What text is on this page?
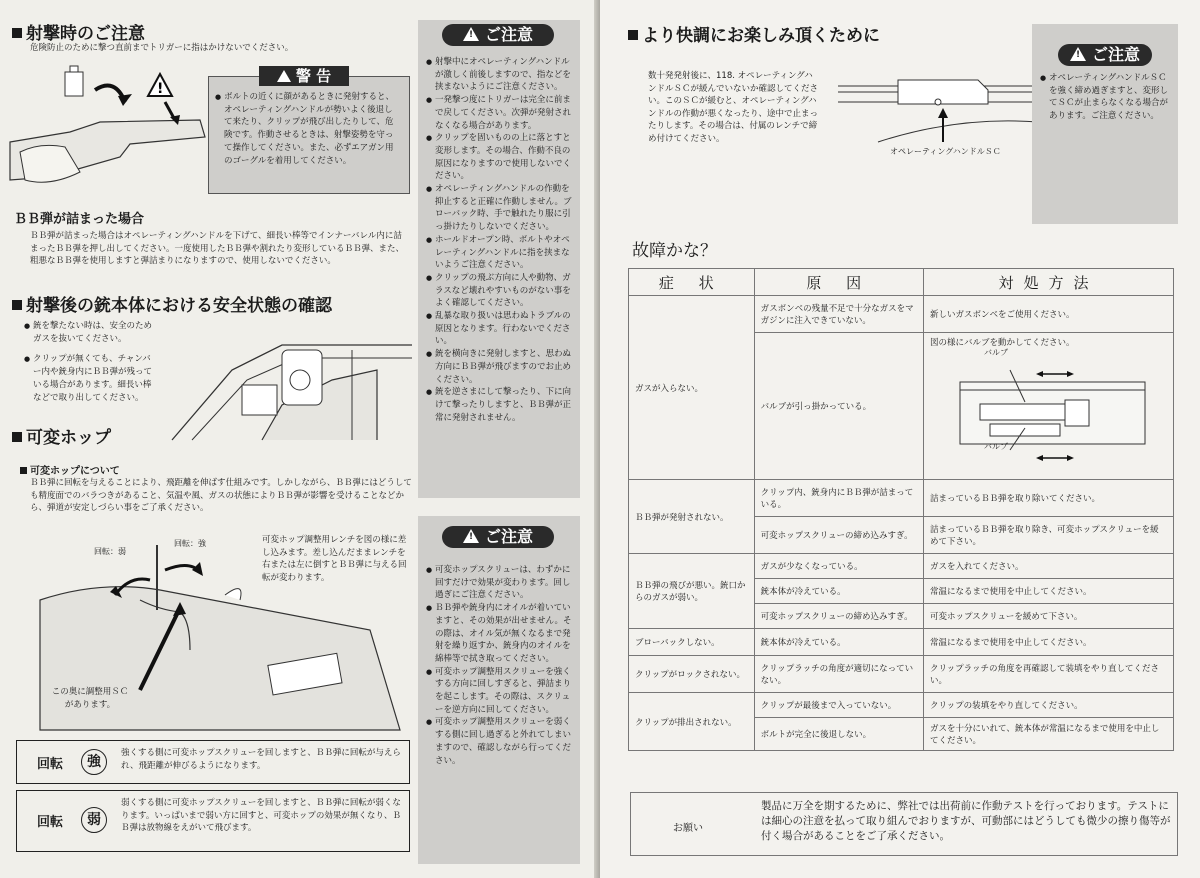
射撃時のご注意
危険防止のために撃つ直前までトリガーに指はかけないでください。
!
警 告
● ボルトの近くに顔があるときに発射すると、オペレーティングハンドルが勢いよく後退して来たり、クリップが飛び出したりして、危険です。作動させるときは、射撃姿勢を守って操作してください。また、必ずエアガン用のゴーグルを着用してください。
ＢＢ弾が詰まった場合
ＢＢ弾が詰まった場合はオペレーティングハンドルを下げて、細長い棒等でインナーバレル内に詰まったＢＢ弾を押し出してください。一度使用したＢＢ弾や割れたり変形しているＢＢ弾、また、粗悪なＢＢ弾を使用しますと弾詰まりになりますので、使用しないでください。
射撃後の銃本体における安全状態の確認
● 銃を撃たない時は、安全のためガスを抜いてください。
● クリップが無くても、チャンバー内や銃身内にＢＢ弾が残っている場合があります。細長い棒などで取り出してください。
可変ホップ
可変ホップについて
ＢＢ弾に回転を与えることにより、飛距離を伸ばす仕組みです。しかしながら、ＢＢ弾にはどうしても精度面でのバラつきがあること、気温や風、ガスの状態によりＢＢ弾が影響を受けることなどから、弾道が安定しづらい事をご了承ください。
回転：弱
回転：強	可変ホップ調整用レンチを図の様に差し込みます。差し込んだままレンチを右または左に倒すとＢＢ弾に与える回転が変わります。
この奥に調整用ＳＣがあります。
回転	強
強くする側に可変ホップスクリューを回しますと、ＢＢ弾に回転が与えられ、飛距離が伸びるようになります。
回転	弱
弱くする側に可変ホップスクリューを回しますと、ＢＢ弾に回転が弱くなります。いっぱいまで弱い方に回すと、可変ホップの効果が無くなり、ＢＢ弾は放物線をえがいて飛びます。
!ご注意
● 射撃中にオペレーティングハンドルが激しく前後しますので、指などを挟まないようにご注意ください。
● 一発撃つ度にトリガーは完全に前まで戻してください。次弾が発射されなくなる場合があります。
● クリップを固いものの上に落とすと変形します。その場合、作動不良の原因になりますので使用しないでください。
● オペレーティングハンドルの作動を抑止すると正確に作動しません。ブローバック時、手で触れたり服に引っ掛けたりしないでください。
● ホールドオープン時、ボルトやオペレーティングハンドルに指を挟まないようご注意ください。
● クリップの飛ぶ方向に人や動物、ガラスなど壊れやすいものがない事をよく確認してください。
● 乱暴な取り扱いは思わぬトラブルの原因となります。行わないでください。
● 銃を横向きに発射しますと、思わぬ方向にＢＢ弾が飛びますのでお止めください。
● 銃を逆さまにして撃ったり、下に向けて撃ったりしますと、ＢＢ弾が正常に発射されません。
!ご注意
● 可変ホップスクリューは、わずかに回すだけで効果が変わります。回し過ぎにご注意ください。
● ＢＢ弾や銃身内にオイルが着いていますと、その効果が出せません。その際は、オイル気が無くなるまで発射を繰り返すか、銃身内のオイルを綿棒等で拭き取ってください。
● 可変ホップ調整用スクリューを強くする方向に回しすぎると、弾詰まりを起こします。その際は、スクリューを逆方向に回してください。
● 可変ホップ調整用スクリューを弱くする側に回し過ぎると外れてしまいますので、確認しながら行ってください。
より快調にお楽しみ頂くために
数十発発射後に、118. オペレーティングハンドルＳＣが緩んでいないか確認してください。このＳＣが緩むと、オペレーティングハンドルの作動が悪くなったり、途中で止まったりします。その場合は、付属のレンチで締め付けてください。
オペレーティングハンドルＳＣ
!ご注意
● オペレーティングハンドルＳＣを強く締め過ぎますと、変形してＳＣが止まらなくなる場合があります。ご注意ください。
故障かな？
症 状	原 因	対処方法
ガスが入らない。	ガスボンベの残量不足で十分なガスをマガジンに注入できていない。	新しいガスボンベをご使用ください。
	バルブが引っ掛かっている。	図の様にバルブを動かしてください。
バルブ
バルブ

ＢＢ弾が発射されない。	クリップ内、銃身内にＢＢ弾が詰まっている。	詰まっているＢＢ弾を取り除いてください。
	可変ホップスクリューの締め込みすぎ。	詰まっているＢＢ弾を取り除き、可変ホップスクリューを緩めて下さい。
ＢＢ弾の飛びが悪い。銃口からのガスが弱い。	ガスが少なくなっている。	ガスを入れてください。
	銃本体が冷えている。	常温になるまで使用を中止してください。
	可変ホップスクリューの締め込みすぎ。	可変ホップスクリューを緩めて下さい。
ブローバックしない。	銃本体が冷えている。	常温になるまで使用を中止してください。
クリップがロックされない。	クリップラッチの角度が適切になっていない。	クリップラッチの角度を再確認して装填をやり直してください。
クリップが排出されない。	クリップが最後まで入っていない。	クリップの装填をやり直してください。
	ボルトが完全に後退しない。	ガスを十分にいれて、銃本体が常温になるまで使用を中止してください。
お願い
製品に万全を期するために、弊社では出荷前に作動テストを行っております。テストには細心の注意を払って取り組んでおりますが、可動部にはどうしても微少の擦り傷等が付く場合があることをご了承ください。
